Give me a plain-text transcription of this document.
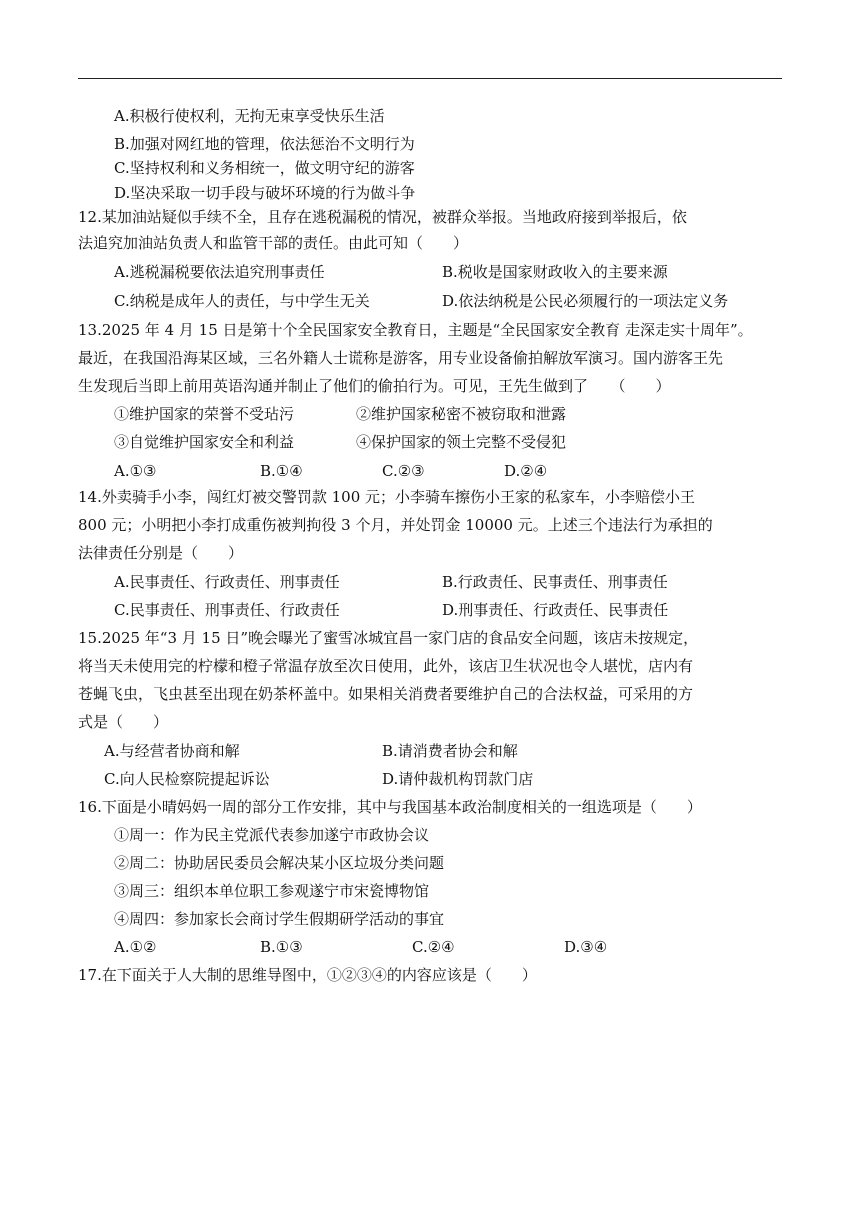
A.积极行使权利，无拘无束享受快乐生活
B.加强对网红地的管理，依法惩治不文明行为
C.坚持权利和义务相统一，做文明守纪的游客
D.坚决采取一切手段与破坏环境的行为做斗争
12.某加油站疑似手续不全，且存在逃税漏税的情况，被群众举报。当地政府接到举报后，依
法追究加油站负责人和监管干部的责任。由此可知（　　）
A.逃税漏税要依法追究刑事责任	B.税收是国家财政收入的主要来源
C.纳税是成年人的责任，与中学生无关	D.依法纳税是公民必须履行的一项法定义务
13.2025 年 4 月 15 日是第十个全民国家安全教育日，主题是“全民国家安全教育 走深走实十周年”。
最近，在我国沿海某区域，三名外籍人士谎称是游客，用专业设备偷拍解放军演习。国内游客王先
生发现后当即上前用英语沟通并制止了他们的偷拍行为。可见，王先生做到了　　（　　）
①维护国家的荣誉不受玷污	②维护国家秘密不被窃取和泄露
③自觉维护国家安全和利益	④保护国家的领土完整不受侵犯
A.①③	B.①④	C.②③	D.②④
14.外卖骑手小李，闯红灯被交警罚款 100 元；小李骑车擦伤小王家的私家车，小李赔偿小王
800 元；小明把小李打成重伤被判拘役 3 个月，并处罚金 10000 元。上述三个违法行为承担的
法律责任分别是（　　）
A.民事责任、行政责任、刑事责任	B.行政责任、民事责任、刑事责任
C.民事责任、刑事责任、行政责任	D.刑事责任、行政责任、民事责任
15.2025 年“3 月 15 日”晚会曝光了蜜雪冰城宜昌一家门店的食品安全问题，该店未按规定，
将当天未使用完的柠檬和橙子常温存放至次日使用，此外，该店卫生状况也令人堪忧，店内有
苍蝇飞虫，飞虫甚至出现在奶茶杯盖中。如果相关消费者要维护自己的合法权益，可采用的方
式是（　　）
A.与经营者协商和解	B.请消费者协会和解
C.向人民检察院提起诉讼	D.请仲裁机构罚款门店
16.下面是小晴妈妈一周的部分工作安排，其中与我国基本政治制度相关的一组选项是（　　）
①周一：作为民主党派代表参加遂宁市政协会议
②周二：协助居民委员会解决某小区垃圾分类问题
③周三：组织本单位职工参观遂宁市宋瓷博物馆
④周四：参加家长会商讨学生假期研学活动的事宜
A.①②	B.①③	C.②④	D.③④
17.在下面关于人大制的思维导图中，①②③④的内容应该是（　　）
